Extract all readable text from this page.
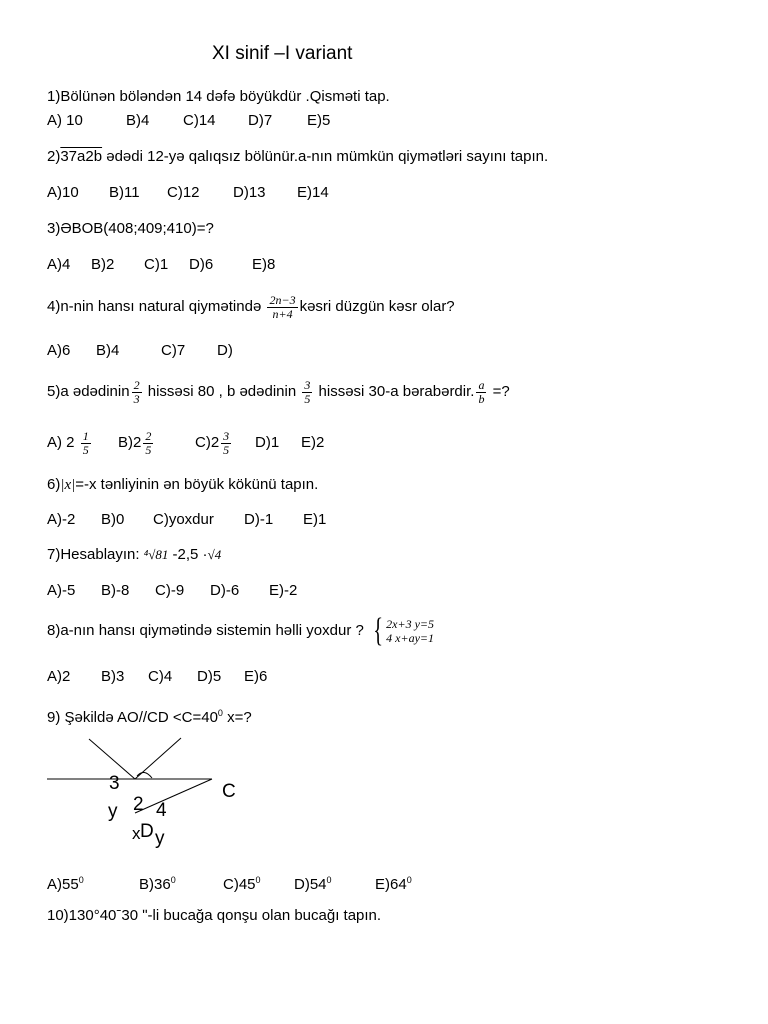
XI sinif –I variant
1)Bölünən böləndən 14 dəfə böyükdür .Qisməti tap.
A) 10	B)4 C)14 D)7 E)5
2)37a2b ədədi 12-yə qalıqsız bölünür.a-nın mümkün qiymətləri sayını tapın.
A)10 B)11 C)12 D)13 E)14
3)ƏBOB(408;409;410)=?
A)4 B)2 C)1 D)6	E)8
4)n-nin hansı natural qiymətində $\frac{2n-3}{n+4}$ kəsri düzgün kəsr olar?
A)6 B)4	C)7 D)
5)a ədədinin $\frac{2}{3}$ hissəsi 80 , b ədədinin $\frac{3}{5}$ hissəsi 30-a bərabərdir. $\frac{a}{b}$ =?
A) $2 \frac{1}{5} B)2 \frac{2}{5}$	$C)2 \frac{3}{5} D)1$ E)2
6)|x|=-x tənliyinin ən böyük kökünü tapın.
A)-2 B)0 C)yoxdur D)-1 E)1
7)Hesablayın: ⁴√81 -2,5 ·√4
A)-5 B)-8 C)-9 D)-6 E)-2
8)a-nın hansı qiymətində sistemin həlli yoxdur ? { 2x+3 y=5
4 x+ay=1
A)2 B)3 C)4 D)5 E)6
9) Şəkildə $AO//CD <C=40^0$ x=?
3
y 2 4
C
x D y
$A)55^0$	$B)36^0$	$C)45^0$ $D)54^0$	$E)64^0$
10)130°40ˉ30 ʺ-li bucağa qonşu olan bucağı tapın.
